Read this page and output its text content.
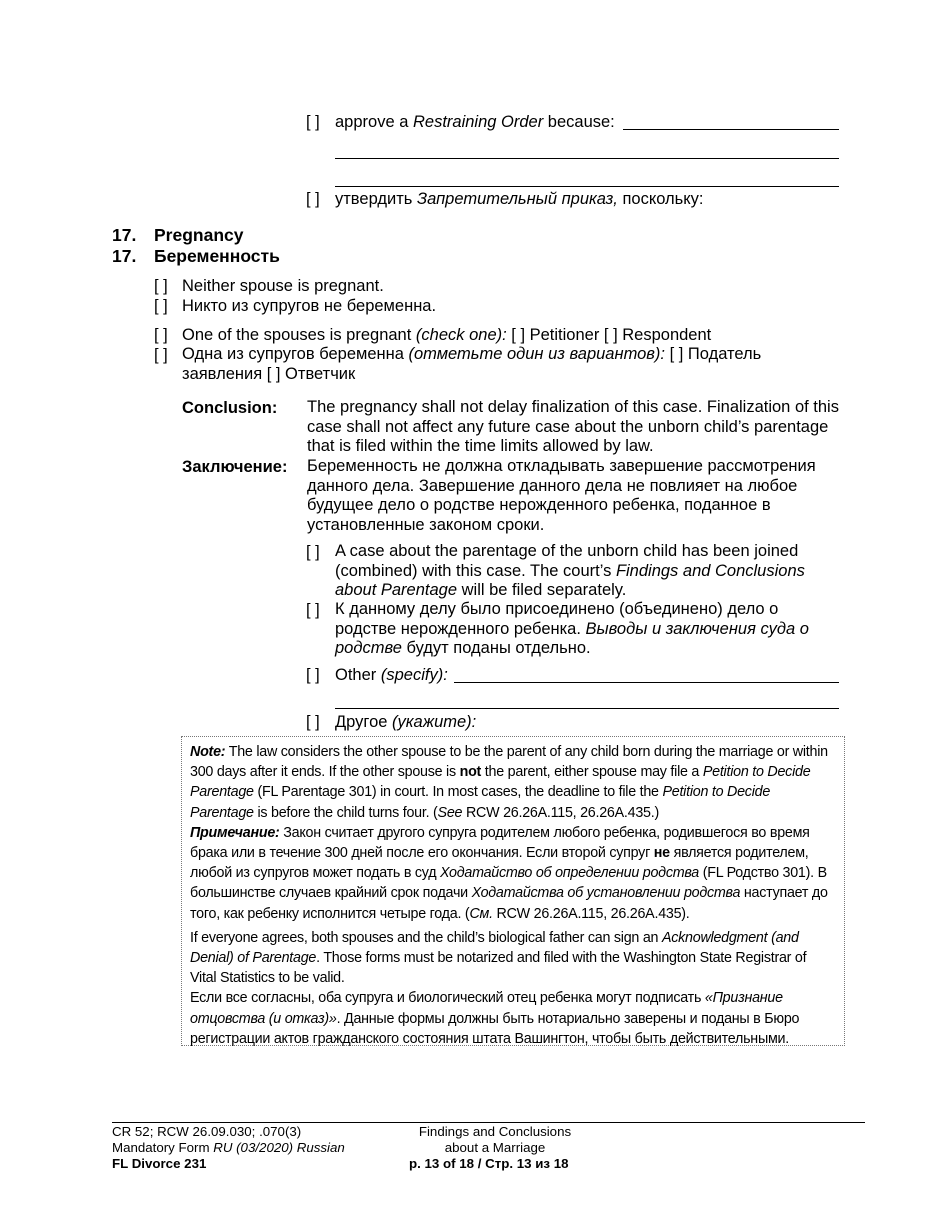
[ ] approve a Restraining Order because:
[ ] утвердить Запретительный приказ, поскольку:
17. Pregnancy
17. Беременность
[ ] Neither spouse is pregnant.
[ ] Никто из супругов не беременна.
[ ] One of the spouses is pregnant (check one): [ ] Petitioner [ ] Respondent
[ ] Одна из супругов беременна (отметьте один из вариантов): [ ] Податель заявления [ ] Ответчик
Conclusion: The pregnancy shall not delay finalization of this case. Finalization of this case shall not affect any future case about the unborn child’s parentage that is filed within the time limits allowed by law.
Заключение: Беременность не должна откладывать завершение рассмотрения данного дела. Завершение данного дела не повлияет на любое будущее дело о родстве нерожденного ребенка, поданное в установленные законом сроки.
[ ] A case about the parentage of the unborn child has been joined (combined) with this case. The court’s Findings and Conclusions about Parentage will be filed separately.
[ ] К данному делу было присоединено (объединено) дело о родстве нерожденного ребенка. Выводы и заключения суда о родстве будут поданы отдельно.
[ ] Other (specify):
[ ] Другое (укажите):

Note: The law considers the other spouse to be the parent of any child born during the marriage or within 300 days after it ends. If the other spouse is not the parent, either spouse may file a Petition to Decide Parentage (FL Parentage 301) in court. In most cases, the deadline to file the Petition to Decide Parentage is before the child turns four. (See RCW 26.26A.115, 26.26A.435.)

Примечание: Закон считает другого супруга родителем любого ребенка, родившегося во время брака или в течение 300 дней после его окончания. Если второй супруг не является родителем, любой из супругов может подать в суд Ходатайство об определении родства (FL Родство 301). В большинстве случаев крайний срок подачи Ходатайства об установлении родства наступает до того, как ребенку исполнится четыре года. (См. RCW 26.26A.115, 26.26A.435).

If everyone agrees, both spouses and the child’s biological father can sign an Acknowledgment (and Denial) of Parentage. Those forms must be notarized and filed with the Washington State Registrar of Vital Statistics to be valid.

Если все согласны, оба супруга и биологический отец ребенка могут подписать «Признание отцовства (и отказ)». Данные формы должны быть нотариально заверены и поданы в Бюро регистрации актов гражданского состояния штата Вашингтон, чтобы быть действительными.

CR 52; RCW 26.09.030; .070(3)
Mandatory Form RU (03/2020) Russian
FL Divorce 231
Findings and Conclusions
about a Marriage
p. 13 of 18 / Стр. 13 из 18
